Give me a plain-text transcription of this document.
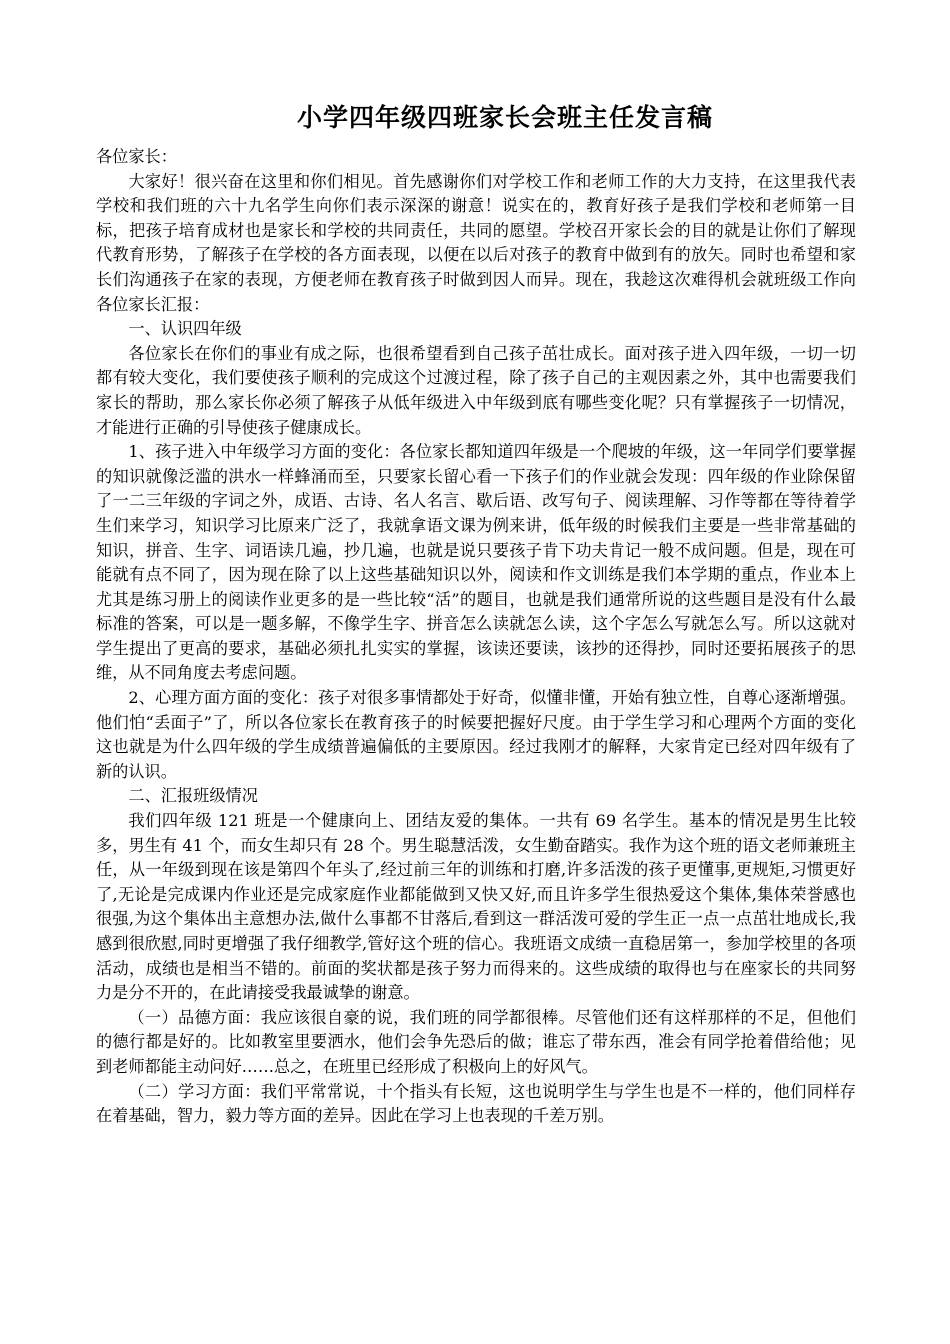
小学四年级四班家长会班主任发言稿

各位家长：

大家好！很兴奋在这里和你们相见。首先感谢你们对学校工作和老师工作的大力支持，在这里我代表学校和我们班的六十九名学生向你们表示深深的谢意！说实在的，教育好孩子是我们学校和老师第一目标，把孩子培育成材也是家长和学校的共同责任，共同的愿望。学校召开家长会的目的就是让你们了解现代教育形势，了解孩子在学校的各方面表现，以便在以后对孩子的教育中做到有的放矢。同时也希望和家长们沟通孩子在家的表现，方便老师在教育孩子时做到因人而异。现在，我趁这次难得机会就班级工作向各位家长汇报：

一、认识四年级

各位家长在你们的事业有成之际，也很希望看到自己孩子茁壮成长。面对孩子进入四年级，一切一切都有较大变化，我们要使孩子顺利的完成这个过渡过程，除了孩子自己的主观因素之外，其中也需要我们家长的帮助，那么家长你必须了解孩子从低年级进入中年级到底有哪些变化呢？只有掌握孩子一切情况，才能进行正确的引导使孩子健康成长。

1、孩子进入中年级学习方面的变化：各位家长都知道四年级是一个爬坡的年级，这一年同学们要掌握的知识就像泛滥的洪水一样蜂涌而至，只要家长留心看一下孩子们的作业就会发现：四年级的作业除保留了一二三年级的字词之外，成语、古诗、名人名言、歇后语、改写句子、阅读理解、习作等都在等待着学生们来学习，知识学习比原来广泛了，我就拿语文课为例来讲，低年级的时候我们主要是一些非常基础的知识，拼音、生字、词语读几遍，抄几遍，也就是说只要孩子肯下功夫肯记一般不成问题。但是，现在可能就有点不同了，因为现在除了以上这些基础知识以外，阅读和作文训练是我们本学期的重点，作业本上尤其是练习册上的阅读作业更多的是一些比较“活”的题目，也就是我们通常所说的这些题目是没有什么最标准的答案，可以是一题多解，不像学生字、拼音怎么读就怎么读，这个字怎么写就怎么写。所以这就对学生提出了更高的要求，基础必须扎扎实实的掌握，该读还要读，该抄的还得抄，同时还要拓展孩子的思维，从不同角度去考虑问题。

2、心理方面方面的变化：孩子对很多事情都处于好奇，似懂非懂，开始有独立性，自尊心逐渐增强。他们怕“丢面子”了，所以各位家长在教育孩子的时候要把握好尺度。由于学生学习和心理两个方面的变化这也就是为什么四年级的学生成绩普遍偏低的主要原因。经过我刚才的解释，大家肯定已经对四年级有了新的认识。

二、汇报班级情况

我们四年级 121 班是一个健康向上、团结友爱的集体。一共有 69 名学生。基本的情况是男生比较多，男生有 41 个，而女生却只有 28 个。男生聪慧活泼，女生勤奋踏实。我作为这个班的语文老师兼班主任，从一年级到现在该是第四个年头了,经过前三年的训练和打磨,许多活泼的孩子更懂事,更规矩,习惯更好了,无论是完成课内作业还是完成家庭作业都能做到又快又好,而且许多学生很热爱这个集体,集体荣誉感也很强,为这个集体出主意想办法,做什么事都不甘落后,看到这一群活泼可爱的学生正一点一点茁壮地成长,我感到很欣慰,同时更增强了我仔细教学,管好这个班的信心。我班语文成绩一直稳居第一，参加学校里的各项活动，成绩也是相当不错的。前面的奖状都是孩子努力而得来的。这些成绩的取得也与在座家长的共同努力是分不开的，在此请接受我最诚挚的谢意。

（一）品德方面：我应该很自豪的说，我们班的同学都很棒。尽管他们还有这样那样的不足，但他们的德行都是好的。比如教室里要洒水，他们会争先恐后的做；谁忘了带东西，准会有同学抢着借给他；见到老师都能主动问好……总之，在班里已经形成了积极向上的好风气。

（二）学习方面：我们平常常说，十个指头有长短，这也说明学生与学生也是不一样的，他们同样存在着基础，智力，毅力等方面的差异。因此在学习上也表现的千差万别。
